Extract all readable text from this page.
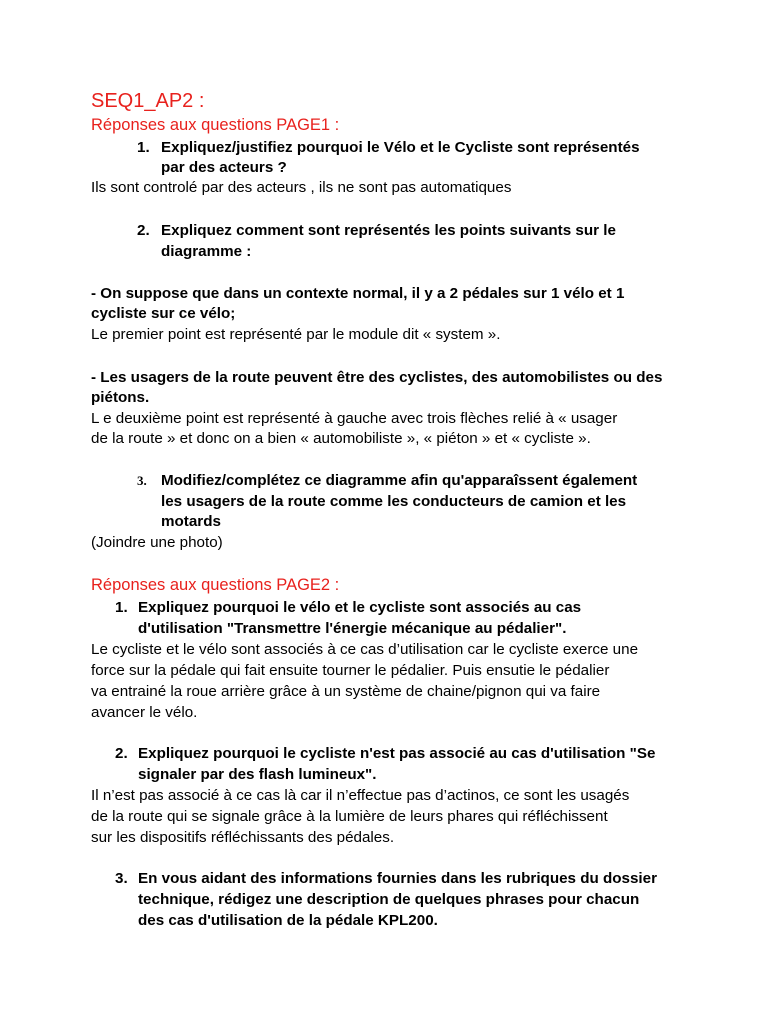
SEQ1_AP2 :
Réponses aux questions PAGE1 :
1. Expliquez/justifiez pourquoi le Vélo et le Cycliste sont représentés
par des acteurs ?
Ils sont controlé par des acteurs , ils ne sont pas automatiques
2. Expliquez comment sont représentés les points suivants sur le
diagramme :
- On suppose que dans un contexte normal, il y a 2 pédales sur 1 vélo et 1
cycliste sur ce vélo;
Le premier point est représenté par le module dit « system ».
- Les usagers de la route peuvent être des cyclistes, des automobilistes ou des
piétons.
L e deuxième point est représenté à gauche avec trois flèches relié à « usager
de la route » et donc on a bien « automobiliste », « piéton » et « cycliste ».
3. Modifiez/complétez ce diagramme afin qu'apparaîssent également
les usagers de la route comme les conducteurs de camion et les
motards
(Joindre une photo)
Réponses aux questions PAGE2 :
1. Expliquez pourquoi le vélo et le cycliste sont associés au cas
d'utilisation "Transmettre l'énergie mécanique au pédalier".
Le cycliste et le vélo sont associés à ce cas d’utilisation car le cycliste exerce une
force sur la pédale qui fait ensuite tourner le pédalier. Puis ensutie le pédalier
va entrainé la roue arrière grâce à un système de chaine/pignon qui va faire
avancer le vélo.
2. Expliquez pourquoi le cycliste n'est pas associé au cas d'utilisation "Se
signaler par des flash lumineux".
Il n’est pas associé à ce cas là car il n’effectue pas d’actinos, ce sont les usagés
de la route qui se signale grâce à la lumière de leurs phares qui réfléchissent
sur les dispositifs réfléchissants des pédales.
3. En vous aidant des informations fournies dans les rubriques du dossier
technique, rédigez une description de quelques phrases pour chacun
des cas d'utilisation de la pédale KPL200.
